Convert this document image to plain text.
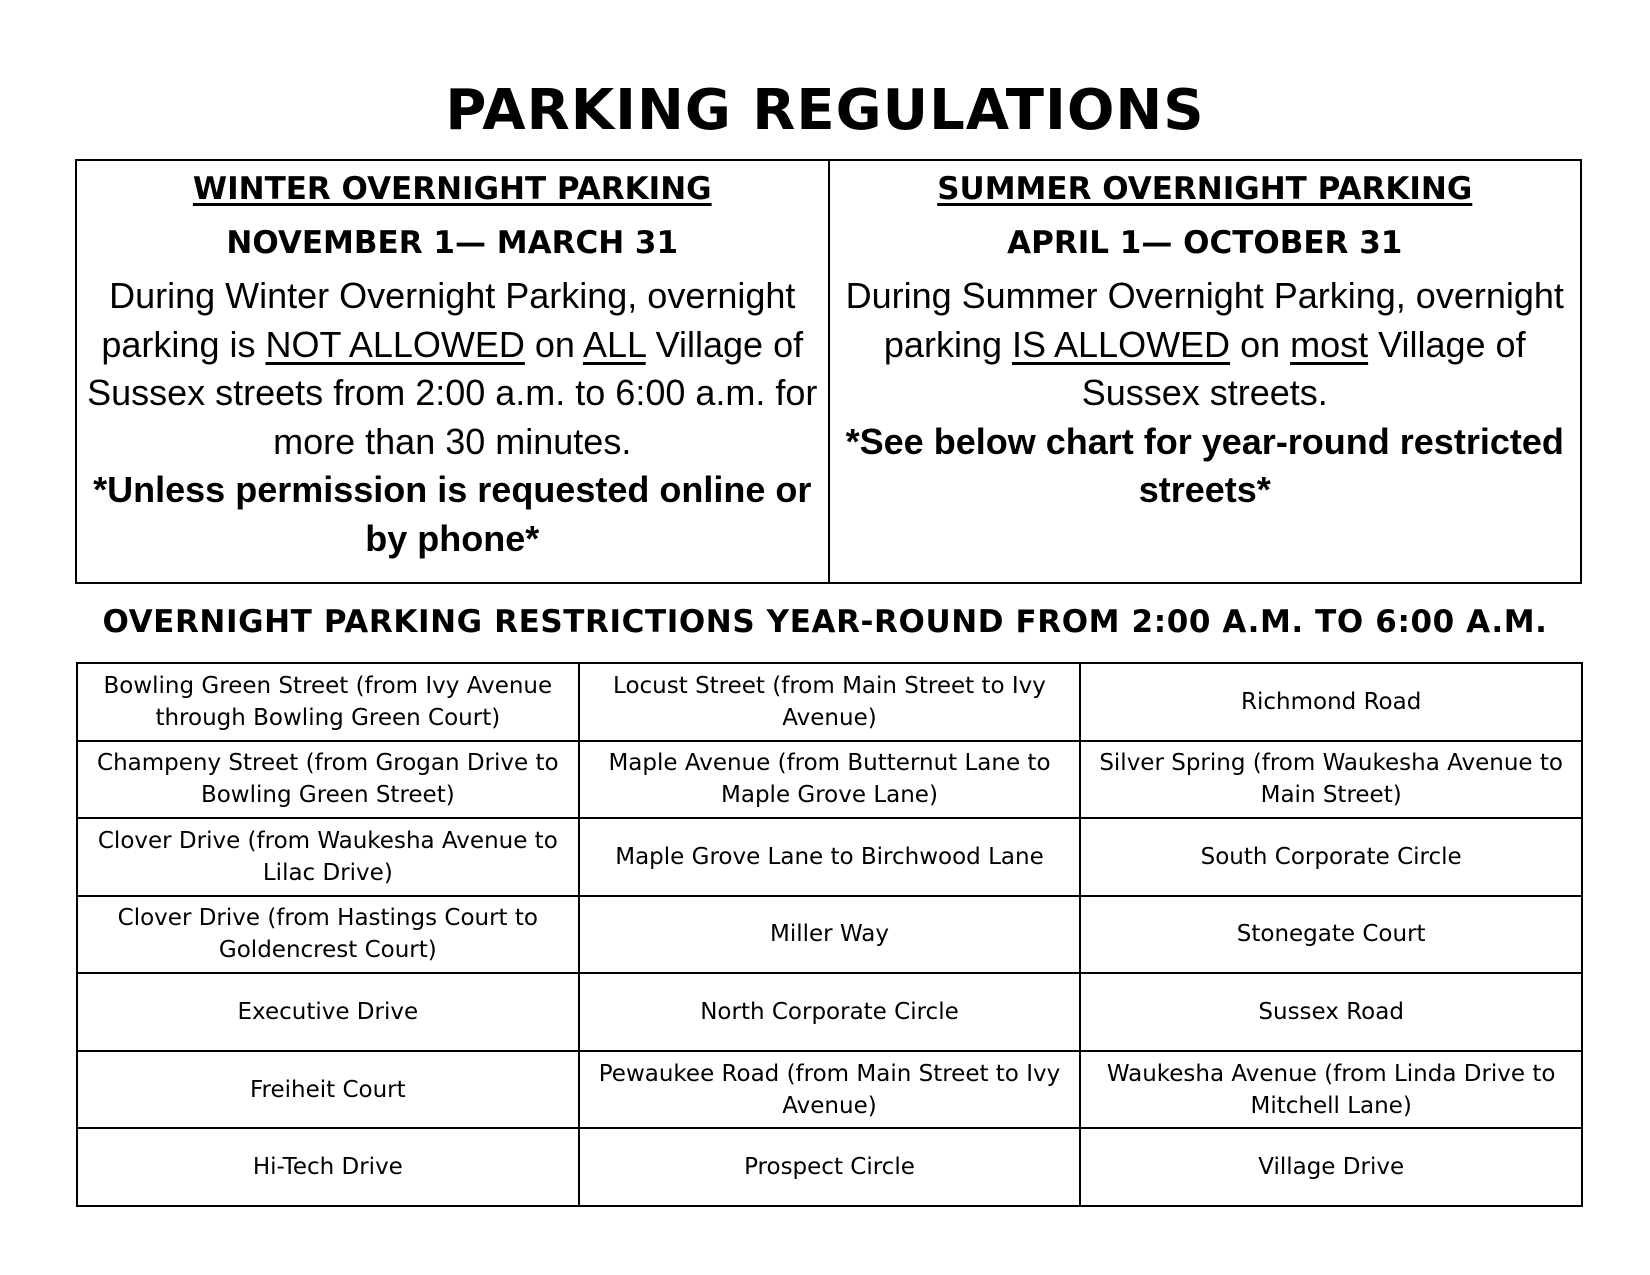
PARKING REGULATIONS
WINTER OVERNIGHT PARKING
NOVEMBER 1— MARCH 31
During Winter Overnight Parking, overnight parking is NOT ALLOWED on ALL Village of Sussex streets from 2:00 a.m. to 6:00 a.m. for more than 30 minutes.
*Unless permission is requested online or by phone*
SUMMER OVERNIGHT PARKING
APRIL 1— OCTOBER 31
During Summer Overnight Parking, overnight parking IS ALLOWED on most Village of Sussex streets.
*See below chart for year-round restricted streets*
OVERNIGHT PARKING RESTRICTIONS YEAR-ROUND FROM 2:00 A.M. TO 6:00 A.M.
Bowling Green Street (from Ivy Avenue through Bowling Green Court)	Locust Street (from Main Street to Ivy Avenue)	Richmond Road
Champeny Street (from Grogan Drive to Bowling Green Street)	Maple Avenue (from Butternut Lane to Maple Grove Lane)	Silver Spring (from Waukesha Avenue to Main Street)
Clover Drive (from Waukesha Avenue to Lilac Drive)	Maple Grove Lane to Birchwood Lane	South Corporate Circle
Clover Drive (from Hastings Court to Goldencrest Court)	Miller Way	Stonegate Court
Executive Drive	North Corporate Circle	Sussex Road
Freiheit Court	Pewaukee Road (from Main Street to Ivy Avenue)	Waukesha Avenue (from Linda Drive to Mitchell Lane)
Hi-Tech Drive	Prospect Circle	Village Drive
